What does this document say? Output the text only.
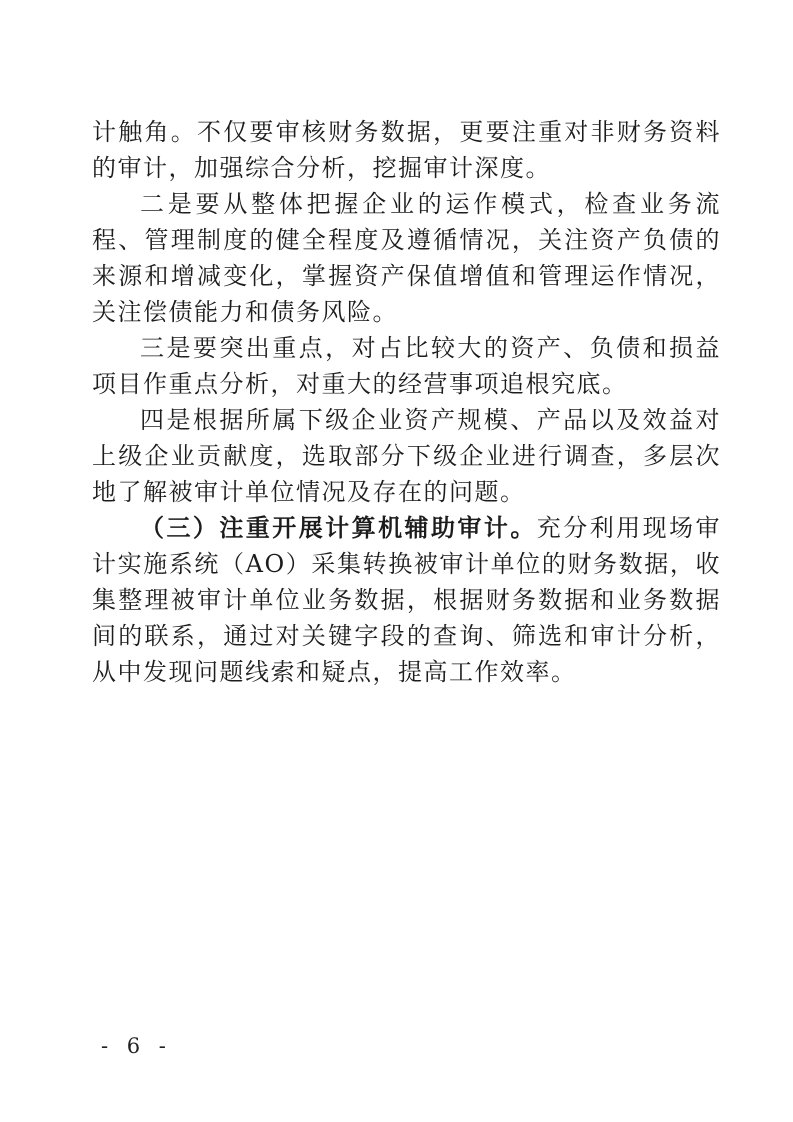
计触角。不仅要审核财务数据，更要注重对非财务资料的审计，加强综合分析，挖掘审计深度。

二是要从整体把握企业的运作模式，检查业务流程、管理制度的健全程度及遵循情况，关注资产负债的来源和增减变化，掌握资产保值增值和管理运作情况，关注偿债能力和债务风险。

三是要突出重点，对占比较大的资产、负债和损益项目作重点分析，对重大的经营事项追根究底。

四是根据所属下级企业资产规模、产品以及效益对上级企业贡献度，选取部分下级企业进行调查，多层次地了解被审计单位情况及存在的问题。

（三）注重开展计算机辅助审计。充分利用现场审计实施系统（AO）采集转换被审计单位的财务数据，收集整理被审计单位业务数据，根据财务数据和业务数据间的联系，通过对关键字段的查询、筛选和审计分析，从中发现问题线索和疑点，提高工作效率。

- 6 -
